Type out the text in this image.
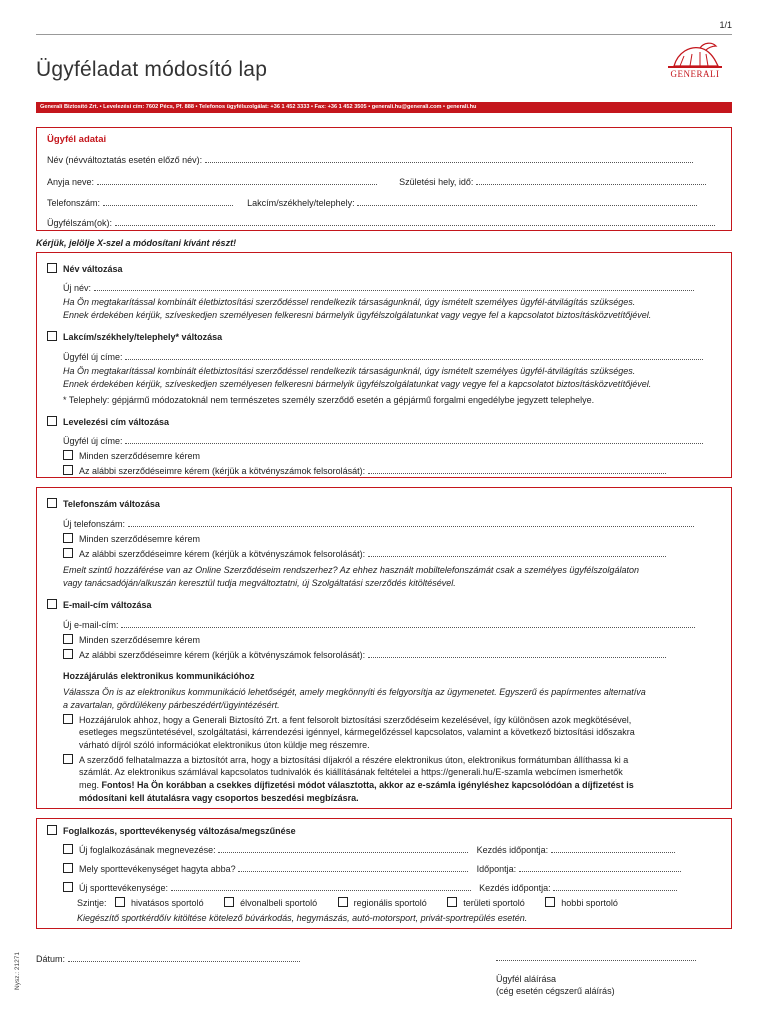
1/1
Ügyféladat módosító lap	GENERALI
Generali Biztosító Zrt. • Levelezési cím: 7602 Pécs, Pf. 888 • Telefonos ügyfélszolgálat: +36 1 452 3333 • Fax: +36 1 452 3505 • generali.hu@generali.com • generali.hu
Ügyfél adatai
Név (névváltoztatás esetén előző név):
Anyja neve:	Születési hely, idő:
Telefonszám:	Lakcím/székhely/telephely:
Ügyfélszám(ok):
Kérjük, jelölje X-szel a módosítani kívánt részt!
Név változása
Új név:
Ha Ön megtakarítással kombinált életbiztosítási szerződéssel rendelkezik társaságunknál, úgy ismételt személyes ügyfél-átvilágítás szükséges.
Ennek érdekében kérjük, szíveskedjen személyesen felkeresni bármelyik ügyfélszolgálatunkat vagy vegye fel a kapcsolatot biztosításközvetítőjével.
Lakcím/székhely/telephely* változása
Ügyfél új címe:
Ha Ön megtakarítással kombinált életbiztosítási szerződéssel rendelkezik társaságunknál, úgy ismételt személyes ügyfél-átvilágítás szükséges.
Ennek érdekében kérjük, szíveskedjen személyesen felkeresni bármelyik ügyfélszolgálatunkat vagy vegye fel a kapcsolatot biztosításközvetítőjével.
* Telephely: gépjármű módozatoknál nem természetes személy szerződő esetén a gépjármű forgalmi engedélybe jegyzett telephelye.
Levelezési cím változása
Ügyfél új címe:
Minden szerződésemre kérem
Az alábbi szerződéseimre kérem (kérjük a kötvényszámok felsorolását):
Telefonszám változása
Új telefonszám:
Minden szerződésemre kérem
Az alábbi szerződéseimre kérem (kérjük a kötvényszámok felsorolását):
Emelt szintű hozzáférése van az Online Szerződéseim rendszerhez? Az ehhez használt mobiltelefonszámát csak a személyes ügyfélszolgálaton
vagy tanácsadóján/alkuszán keresztül tudja megváltoztatni, új Szolgáltatási szerződés kitöltésével.
E-mail-cím változása
Új e-mail-cím:
Minden szerződésemre kérem
Az alábbi szerződéseimre kérem (kérjük a kötvényszámok felsorolását):
Hozzájárulás elektronikus kommunikációhoz
Válassza Ön is az elektronikus kommunikáció lehetőségét, amely megkönnyíti és felgyorsítja az ügymenetet. Egyszerű és papírmentes alternatíva
a zavartalan, gördülékeny párbeszédért/ügyintézésért.
Hozzájárulok ahhoz, hogy a Generali Biztosító Zrt. a fent felsorolt biztosítási szerződéseim kezelésével, így különösen azok megkötésével,
esetleges megszüntetésével, szolgáltatási, kárrendezési igénnyel, kármegelőzéssel kapcsolatos, valamint a következő biztosítási időszakra
várható díjról szóló információkat elektronikus úton küldje meg részemre.
A szerződő felhatalmazza a biztosítót arra, hogy a biztosítási díjakról a részére elektronikus úton, elektronikus formátumban állíthassa ki a
számlát. Az elektronikus számlával kapcsolatos tudnivalók és kiállításának feltételei a https://generali.hu/E-szamla webcímen ismerhetők
meg. Fontos! Ha Ön korábban a csekkes díjfizetési módot választotta, akkor az e-számla igényléshez kapcsolódóan a díjfizetést is
módosítani kell átutalásra vagy csoportos beszedési megbízásra.
Foglalkozás, sporttevékenység változása/megszűnése
Új foglalkozásának megnevezése:	Kezdés időpontja:
Mely sporttevékenységet hagyta abba?	Időpontja:
Új sporttevékenysége:	Kezdés időpontja:
Szintje:	hivatásos sportoló	élvonalbeli sportoló	regionális sportoló	területi sportoló	hobbi sportoló
Kiegészítő sportkérdőív kitöltése kötelező búvárkodás, hegymászás, autó-motorsport, privát-sportrepülés esetén.
Dátum:
Ügyfél aláírása
(cég esetén cégszerű aláírás)
Nysz.: 21271
